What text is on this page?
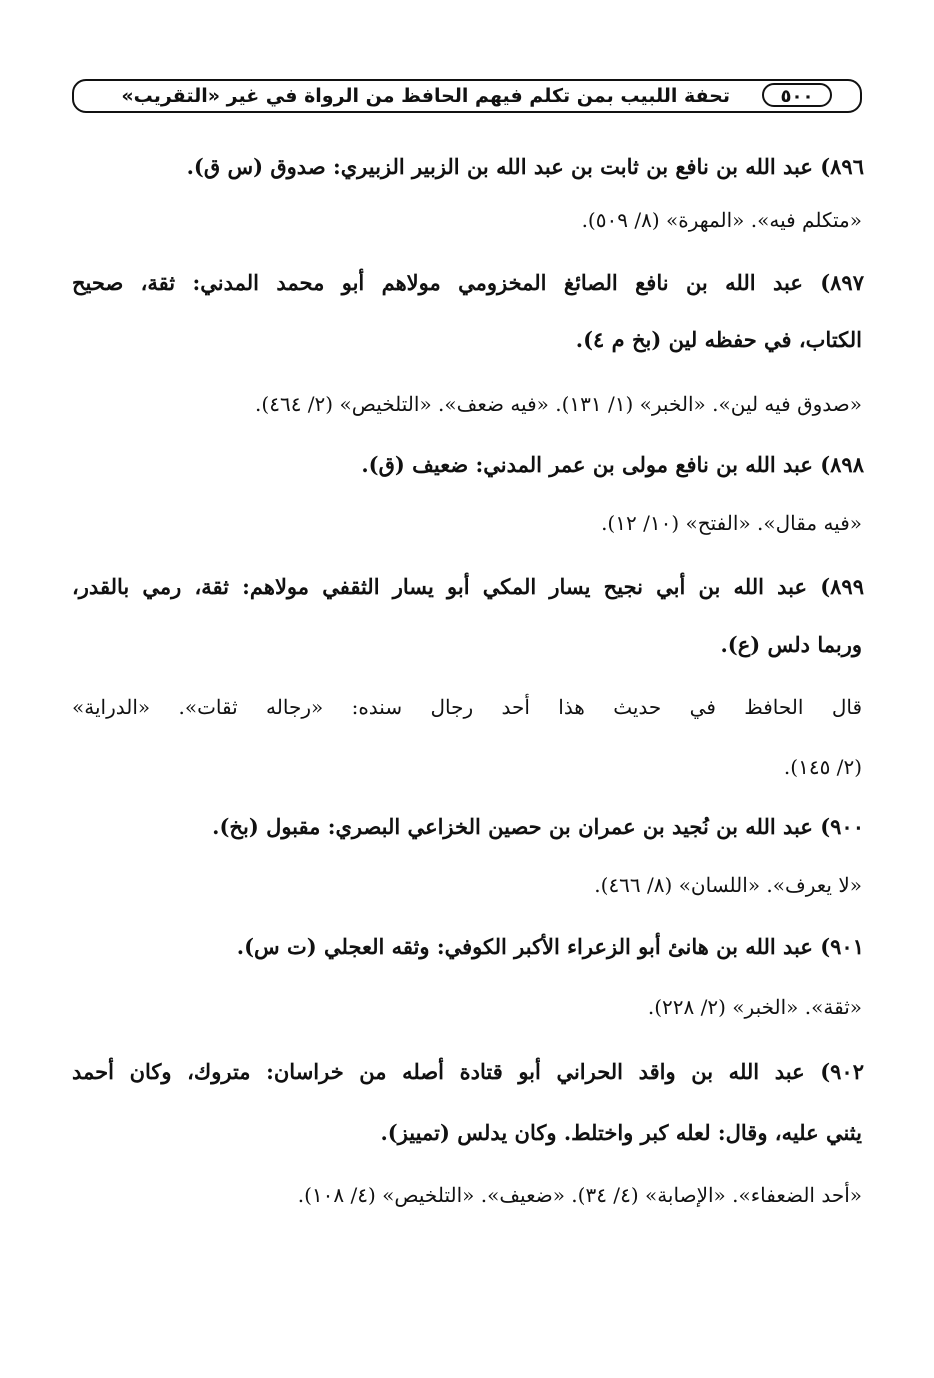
تحفة اللبيب بمن تكلم فيهم الحافظ من الرواة في غير «التقريب»	٥٠٠
٨٩٦) عبد الله بن نافع بن ثابت بن عبد الله بن الزبير الزبيري: صدوق (س ق).
«متكلم فيه». «المهرة» (٨/ ٥٠٩).
٨٩٧) عبد الله بن نافع الصائغ المخزومي مولاهم أبو محمد المدني: ثقة، صحيح
الكتاب، في حفظه لين (بخ م ٤).
«صدوق فيه لين». «الخبر» (١/ ١٣١). «فيه ضعف». «التلخيص» (٢/ ٤٦٤).
٨٩٨) عبد الله بن نافع مولى بن عمر المدني: ضعيف (ق).
«فيه مقال». «الفتح» (١٠/ ١٢).
٨٩٩) عبد الله بن أبي نجيح يسار المكي أبو يسار الثقفي مولاهم: ثقة، رمي بالقدر،
وربما دلس (ع).
قال الحافظ في حديث هذا أحد رجال سنده: «رجاله ثقات». «الدراية»
(٢/ ١٤٥).
٩٠٠) عبد الله بن نُجيد بن عمران بن حصين الخزاعي البصري: مقبول (بخ).
«لا يعرف». «اللسان» (٨/ ٤٦٦).
٩٠١) عبد الله بن هانئ أبو الزعراء الأكبر الكوفي: وثقه العجلي (ت س).
«ثقة». «الخبر» (٢/ ٢٢٨).
٩٠٢) عبد الله بن واقد الحراني أبو قتادة أصله من خراسان: متروك، وكان أحمد
يثني عليه، وقال: لعله كبر واختلط. وكان يدلس (تمييز).
«أحد الضعفاء». «الإصابة» (٤/ ٣٤). «ضعيف». «التلخيص» (٤/ ١٠٨).
